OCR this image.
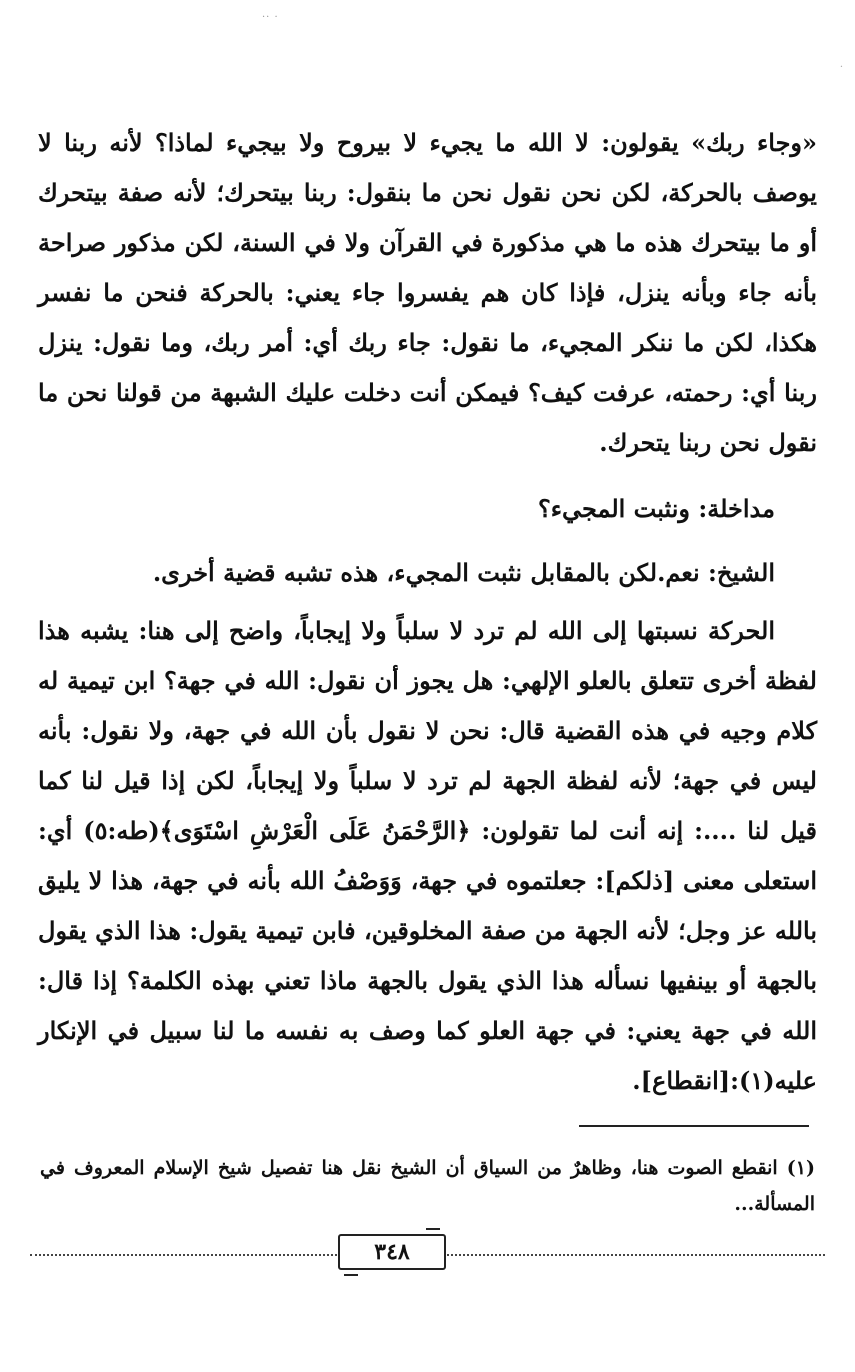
·· ·
·

«وجاء ربك» يقولون: لا الله ما يجيء لا بيروح ولا بيجيء لماذا؟ لأنه ربنا لا يوصف بالحركة، لكن نحن نقول نحن ما بنقول: ربنا بيتحرك؛ لأنه صفة بيتحرك أو ما بيتحرك هذه ما هي مذكورة في القرآن ولا في السنة، لكن مذكور صراحة بأنه جاء وبأنه ينزل، فإذا كان هم يفسروا جاء يعني: بالحركة فنحن ما نفسر هكذا، لكن ما ننكر المجيء، ما نقول: جاء ربك أي: أمر ربك، وما نقول: ينزل ربنا أي: رحمته، عرفت كيف؟ فيمكن أنت دخلت عليك الشبهة من قولنا نحن ما نقول نحن ربنا يتحرك.

مداخلة: ونثبت المجيء؟

الشيخ: نعم.لكن بالمقابل نثبت المجيء، هذه تشبه قضية أخرى.

الحركة نسبتها إلى الله لم ترد لا سلباً ولا إيجاباً، واضح إلى هنا: يشبه هذا لفظة أخرى تتعلق بالعلو الإلهي: هل يجوز أن نقول: الله في جهة؟ ابن تيمية له كلام وجيه في هذه القضية قال: نحن لا نقول بأن الله في جهة، ولا نقول: بأنه ليس في جهة؛ لأنه لفظة الجهة لم ترد لا سلباً ولا إيجاباً، لكن إذا قيل لنا كما قيل لنا ....: إنه أنت لما تقولون: ﴿الرَّحْمَنُ عَلَى الْعَرْشِ اسْتَوَى﴾(طه:٥) أي: استعلى معنى [ذلكم]: جعلتموه في جهة، وَوَصْفُ الله بأنه في جهة، هذا لا يليق بالله عز وجل؛ لأنه الجهة من صفة المخلوقين، فابن تيمية يقول: هذا الذي يقول بالجهة أو بينفيها نسأله هذا الذي يقول بالجهة ماذا تعني بهذه الكلمة؟ إذا قال: الله في جهة يعني: في جهة العلو كما وصف به نفسه ما لنا سبيل في الإنكار عليه(١):[انقطاع].

(١) انقطع الصوت هنا، وظاهرٌ من السياق أن الشيخ نقل هنا تفصيل شيخ الإسلام المعروف في المسألة...
٣٤٨
